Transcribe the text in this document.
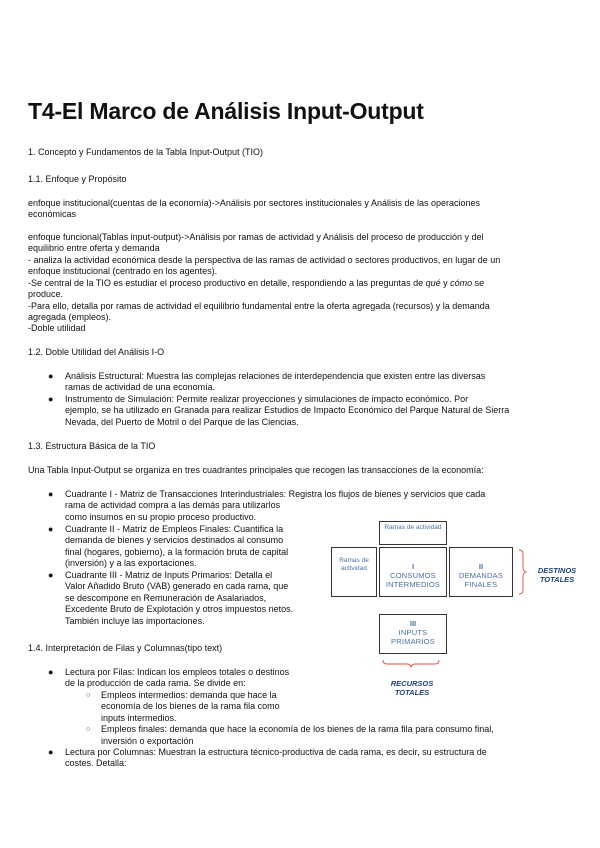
T4-El Marco de Análisis Input-Output

1. Concepto y Fundamentos de la Tabla Input-Output (TIO)

1.1. Enfoque y Propósito

enfoque institucional(cuentas de la economía)->Análisis por sectores institucionales y Análisis de las operaciones

económicas

enfoque funcional(Tablas input-output)->Análisis por ramas de actividad y Análisis del proceso de producción y del

equilibrio entre oferta y demanda

- analiza la actividad económica desde la perspectiva de las ramas de actividad o sectores productivos, en lugar de un

enfoque institucional (centrado en los agentes).

-Se central de la TIO es estudiar el proceso productivo en detalle, respondiendo a las preguntas de qué y cómo se

produce.

-Para ello, detalla por ramas de actividad el equilibrio fundamental entre la oferta agregada (recursos) y la demanda

agregada (empleos).

-Doble utilidad

1.2. Doble Utilidad del Análisis I-O

● Análisis Estructural: Muestra las complejas relaciones de interdependencia que existen entre las diversas

ramas de actividad de una economía.

● Instrumento de Simulación: Permite realizar proyecciones y simulaciones de impacto económico. Por

ejemplo, se ha utilizado en Granada para realizar Estudios de Impacto Económico del Parque Natural de Sierra

Nevada, del Puerto de Motril o del Parque de las Ciencias.

1.3. Estructura Básica de la TIO

Una Tabla Input-Output se organiza en tres cuadrantes principales que recogen las transacciones de la economía:

● Cuadrante I - Matriz de Transacciones Interindustriales: Registra los flujos de bienes y servicios que cada

rama de actividad compra a las demás para utilizarlos

como insumos en su propio proceso productivo.

● Cuadrante II - Matriz de Empleos Finales: Cuantifica la

demanda de bienes y servicios destinados al consumo

final (hogares, gobierno), a la formación bruta de capital

(inversión) y a las exportaciones.

● Cuadrante III - Matriz de Inputs Primarios: Detalla el

Valor Añadido Bruto (VAB) generado en cada rama, que

se descompone en Remuneración de Asalariados,

Excedente Bruto de Explotación y otros impuestos netos.

También incluye las importaciones.

1.4. Interpretación de Filas y Columnas(tipo text)

● Lectura por Filas: Indican los empleos totales o destinos

de la producción de cada rama. Se divide en:

○ Empleos intermedios: demanda que hace la

economía de los bienes de la rama fila como

inputs intermedios.

○ Empleos finales: demanda que hace la economía de los bienes de la rama fila para consumo final,

inversión o exportación

● Lectura por Columnas: Muestran la estructura técnico-productiva de cada rama, es decir, su estructura de

costes. Detalla:

Ramas de actividad
Ramas de actividad	I
CONSUMOS
INTERMEDIOS
II
DEMANDAS
FINALES
III
INPUTS
PRIMARIOS
DESTINOS
TOTALES
RECURSOS
TOTALES
